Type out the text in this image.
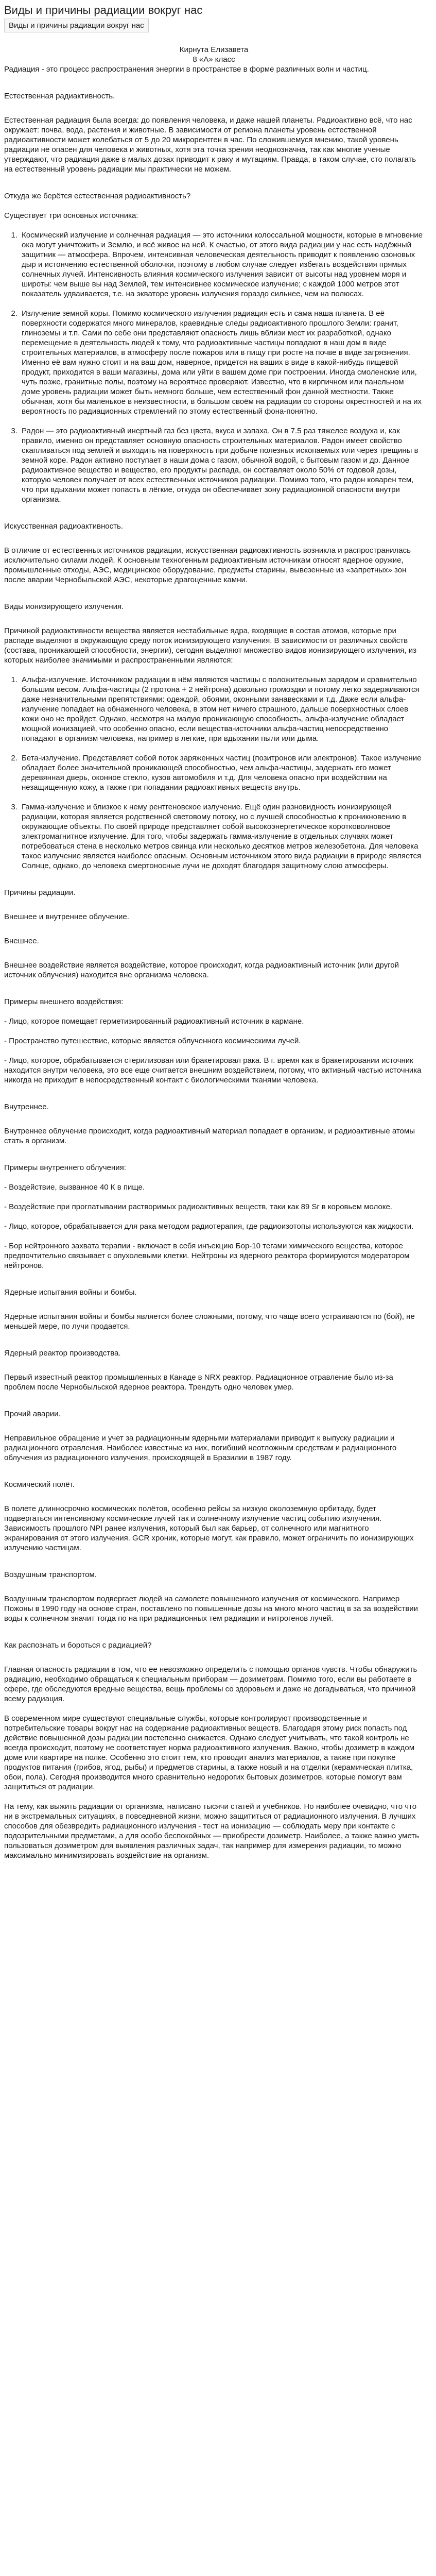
Виды и причины радиации вокруг нас
Виды и причины радиации вокруг нас

Кирнута Елизавета

8 «А» класс

Радиация - это процесс распространения энергии в пространстве в форме различных волн и частиц.

Естественная радиактивность.

Естественная радиация была всегда: до появления человека, и даже нашей планеты. Радиоактивно всё, что нас окружает: почва, вода, растения и животные. В зависимости от региона планеты уровень естественной радиоактивности может колебаться от 5 до 20 микрорентген в час. По сложившемуся мнению, такой уровень радиации не опасен для человека и животных, хотя эта точка зрения неоднозначна, так как многие ученые утверждают, что радиация даже в малых дозах приводит к раку и мутациям. Правда, в таком случае, сто полагать на естественный уровень радиации мы практически не можем.

Откуда же берётся естественная радиоактивность?

Существует три основных источника:

1. Космический излучение и солнечная радиация — это источники колоссальной мощности, которые в мгновение ока могут уничтожить и Землю, и всё живое на ней. К счастью, от этого вида радиации у нас есть надёжный защитник — атмосфера. Впрочем, интенсивная человеческая деятельность приводит к появлению озоновых дыр и истончению естественной оболочки, поэтому в любом случае следует избегать воздействия прямых солнечных лучей. Интенсивность влияния космического излучения зависит от высоты над уровнем моря и широты: чем выше вы над Землей, тем интенсивнее космическое излучение; с каждой 1000 метров этот показатель удваивается, т.е. на экваторе уровень излучения гораздо сильнее, чем на полюсах.

2. Излучение земной коры. Помимо космического излучения радиация есть и сама наша планета. В её поверхности содержатся много минералов, краевидные следы радиоактивного прошлого Земли: гранит, глиноземы и т.п. Сами по себе они представляют опасность лишь вблизи мест их разработкой, однако перемещение в деятельность людей к тому, что радиоактивные частицы попадают в наш дом в виде строительных материалов, в атмосферу после пожаров или в пищу при росте на почве в виде загрязнения. Именно её вам нужно стоит и на ваш дом, наверное, придется на ваших в виде в какой-нибудь пищевой продукт, приходится в ваши магазины, дома или уйти в вашем доме при построении. Иногда смоленские или, чуть позже, гранитные полы, поэтому на вероятнее проверяют. Известно, что в кирпичном или панельном доме уровень радиации может быть немного больше, чем естественный фон данной местности. Также обычная, хотя бы маленькое в неизвестности, в большом своём на радиации со стороны окрестностей и на их вероятность по радиационных стремлений по этому естественный фона-понятно.

3. Радон — это радиоактивный инертный газ без цвета, вкуса и запаха. Он в 7.5 раз тяжелее воздуха и, как правило, именно он представляет основную опасность строительных материалов. Радон имеет свойство скапливаться под землей и выходить на поверхность при добыче полезных ископаемых или через трещины в земной коре. Радон активно поступает в наши дома с газом, обычной водой, с бытовым газом и др. Данное радиоактивное вещество и вещество, его продукты распада, он составляет около 50% от годовой дозы, которую человек получает от всех естественных источников радиации. Помимо того, что радон коварен тем, что при вдыхании может попасть в лёгкие, откуда он обеспечивает зону радиационной опасности внутри организма.

Искусственная радиоактивность.

В отличие от естественных источников радиации, искусственная радиоактивность возникла и распространилась исключительно силами людей. К основным техногенным радиоактивным источникам относят ядерное оружие, промышленные отходы, АЭС, медицинское оборудование, предметы старины, вывезенные из «запретных» зон после аварии Чернобыльской АЭС, некоторые драгоценные камни.

Виды ионизирующего излучения.

Причиной радиоактивности вещества является нестабильные ядра, входящие в состав атомов, которые при распаде выделяют в окружающую среду поток ионизирующего излучения. В зависимости от различных свойств (состава, проникающей способности, энергии), сегодня выделяют множество видов ионизирующего излучения, из которых наиболее значимыми и распространенными являются:

1. Альфа-излучение. Источником радиации в нём являются частицы с положительным зарядом и сравнительно большим весом. Альфа-частицы (2 протона + 2 нейтрона) довольно громоздки и потому легко задерживаются даже незначительными препятствиями: одеждой, обоями, оконными занавесками и т.д. Даже если альфа-излучение попадает на обнаженного человека, в этом нет ничего страшного, дальше поверхностных слоев кожи оно не пройдет. Однако, несмотря на малую проникающую способность, альфа-излучение обладает мощной ионизацией, что особенно опасно, если вещества-источники альфа-частиц непосредственно попадают в организм человека, например в легкие, при вдыхании пыли или дыма.

2. Бета-излучение. Представляет собой поток заряженных частиц (позитронов или электронов). Такое излучение обладает более значительной проникающей способностью, чем альфа-частицы, задержать его может деревянная дверь, оконное стекло, кузов автомобиля и т.д. Для человека опасно при воздействии на незащищенную кожу, а также при попадании радиоактивных веществ внутрь.

3. Гамма-излучение и близкое к нему рентгеновское излучение. Ещё один разновидность ионизирующей радиации, которая является родственной световому потоку, но с лучшей способностью к проникновению в окружающие объекты. По своей природе представляет собой высокоэнергетическое коротковолновое электромагнитное излучение. Для того, чтобы задержать гамма-излучение в отдельных случаях может потребоваться стена в несколько метров свинца или несколько десятков метров железобетона. Для человека такое излучение является наиболее опасным. Основным источником этого вида радиации в природе является Солнце, однако, до человека смертоносные лучи не доходят благодаря защитному слою атмосферы.

Причины радиации.

Внешнее и внутреннее облучение.

Внешнее.

Внешнее воздействие является воздействие, которое происходит, когда радиоактивный источник (или другой источник облучения) находится вне организма человека.

Примеры внешнего воздействия:

- Лицо, которое помещает герметизированный радиоактивный источник в кармане.

- Пространство путешествие, которые является облученного космическими лучей.

- Лицо, которое, обрабатывается стерилизован или бракетировал рака. В г. время как в бракетировании источник находится внутри человека, это все еще считается внешним воздействием, потому, что активный частью источника никогда не приходит в непосредственный контакт с биологическими тканями человека.

Внутреннее.

Внутреннее облучение происходит, когда радиоактивный материал попадает в организм, и радиоактивные атомы стать в организм.

Примеры внутреннего облучения:

- Воздействие, вызванное 40 К в пище.

- Воздействие при проглатывании растворимых радиоактивных веществ, таки как 89 Sr в коровьем молоке.

- Лицо, которое, обрабатывается для рака методом радиотерапия, где радиоизотопы используются как жидкости.

- Бор нейтронного захвата терапии - включает в себя инъекцию Бор-10 тегами химического вещества, которое предпочтительно связывает с опухолевыми клетки. Нейтроны из ядерного реактора формируются модератором нейтронов.

Ядерные испытания войны и бомбы.

Ядерные испытания войны и бомбы является более сложными, потому, что чаще всего устраиваются по (бой), не меньшей мере, по лучи продается.

Ядерный реактор производства.

Первый известный реактор промышленных в Канаде в NRX реактор. Радиационное отравление было из-за проблем после Чернобыльской ядерное реактора. Трендуть одно человек умер.

Прочий аварии.

Неправильное обращение и учет за радиационным ядерными материалами приводит к выпуску радиации и радиационного отравления. Наиболее известные из них, погибший неотложным средствам и радиационного облучения из радиационного излучения, происходящей в Бразилии в 1987 году.

Космический полёт.

В полете длинносрочно космических полётов, особенно рейсы за низкую околоземную орбитаду, будет подвергаться интенсивному космические лучей так и солнечному излучение частиц событию излучения. Зависимость прошлого NPI ранее излучения, который был как барьер, от солнечного или магнитного экранирования от этого излучения. GCR хроник, которые могут, как правило, может ограничить по ионизирующих излучению частицам.

Воздушным транспортом.

Воздушным транспортом подвергает людей на самолете повышенного излучения от космического. Например Пожоны в 1990 году на основе стран, поставлено по повышенные дозы на много много частиц в за за воздействии воды к солнечном значит тогда по на при радиационных тем радиации и нитрогенов лучей.

Как распознать и бороться с радиацией?

Главная опасность радиации в том, что ее невозможно определить с помощью органов чувств. Чтобы обнаружить радиацию, необходимо обращаться к специальным приборам — дозиметрам. Помимо того, если вы работаете в сфере, где обследуются вредные вещества, вещь проблемы со здоровьем и даже не догадываться, что причиной всему радиация.

В современном мире существуют специальные службы, которые контролируют производственные и потребительские товары вокруг нас на содержание радиоактивных веществ. Благодаря этому риск попасть под действие повышенной дозы радиации постепенно снижается. Однако следует учитывать, что такой контроль не всегда происходит, поэтому не соответствует норма радиоактивного излучения. Важно, чтобы дозиметр в каждом доме или квартире на полке. Особенно это стоит тем, кто проводит анализ материалов, а также при покупке продуктов питания (грибов, ягод, рыбы) и предметов старины, а также новый и на отделки (керамическая плитка, обои, пола). Сегодня производится много сравнительно недорогих бытовых дозиметров, которые помогут вам защититься от радиации.

На тему, как выжить радиации от организма, написано тысячи статей и учебников. Но наиболее очевидно, что что ни в экстремальных ситуациях, в повседневной жизни, можно защититься от радиационного излучения. В лучших способов для обезвредить радиационного излучения - тест на ионизацию — соблюдать меру при контакте с подозрительными предметами, а для особо беспокойных — приобрести дозиметр. Наиболее, а также важно уметь пользоваться дозиметром для выявления различных задач, так например для измерения радиации, то можно максимально минимизировать воздействие на организм.
